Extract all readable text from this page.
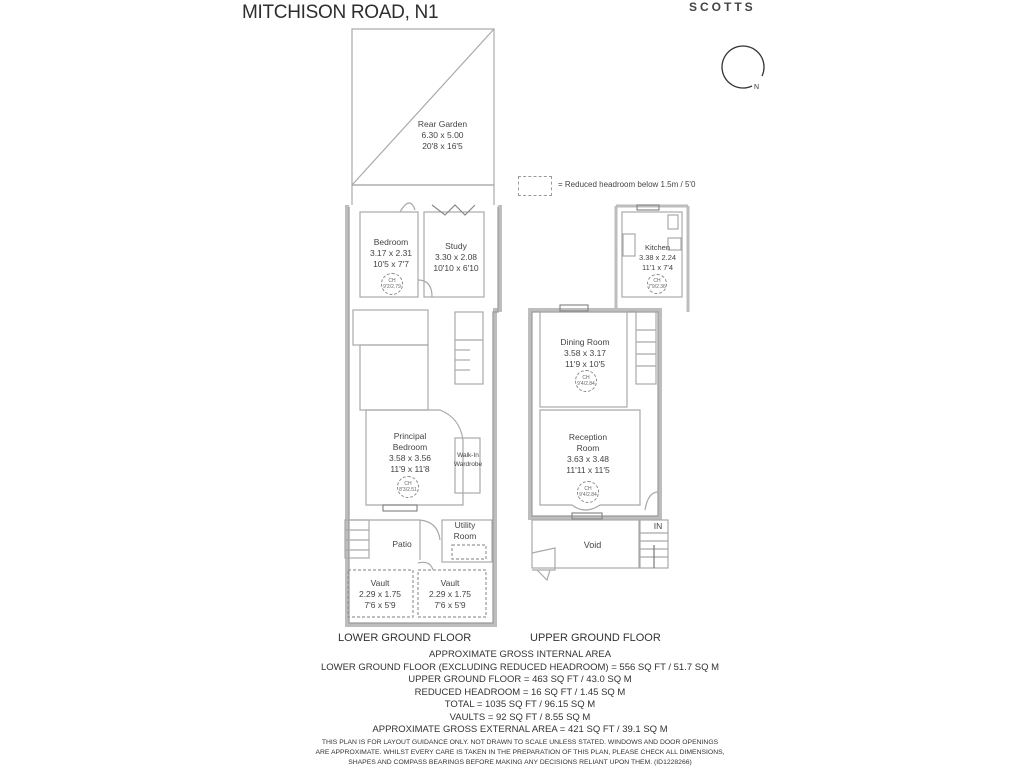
MITCHISON ROAD, N1	SCOTTS
N
= Reduced headroom below 1.5m / 5'0
Rear Garden
6.30 x 5.00
20'8 x 16'5
Bedroom
3.17 x 2.31
10'5 x 7'7
CH
9'2/2.79
Study
3.30 x 2.08
10'10 x 6'10
Principal
Bedroom
3.58 x 3.56
11'9 x 11'8
CH
8'3/2.51
Walk-In
Wardrobe
Utility
Room
Patio
Vault
2.29 x 1.75
7'6 x 5'9
Vault
2.29 x 1.75
7'6 x 5'9
Kitchen
3.38 x 2.24
11'1 x 7'4
CH
7'9/2.36
Dining Room
3.58 x 3.17
11'9 x 10'5
CH
9'4/2.84
Reception
Room
3.63 x 3.48
11'11 x 11'5
CH
9'4/2.84
Void
IN
LOWER GROUND FLOOR	UPPER GROUND FLOOR
APPROXIMATE GROSS INTERNAL AREA
LOWER GROUND FLOOR (EXCLUDING REDUCED HEADROOM) = 556 SQ FT / 51.7 SQ M
UPPER GROUND FLOOR = 463 SQ FT / 43.0 SQ M
REDUCED HEADROOM = 16 SQ FT / 1.45 SQ M
TOTAL = 1035 SQ FT / 96.15 SQ M
VAULTS = 92 SQ FT / 8.55 SQ M
APPROXIMATE GROSS EXTERNAL AREA = 421 SQ FT / 39.1 SQ M
THIS PLAN IS FOR LAYOUT GUIDANCE ONLY. NOT DRAWN TO SCALE UNLESS STATED. WINDOWS AND DOOR OPENINGS
ARE APPROXIMATE. WHILST EVERY CARE IS TAKEN IN THE PREPARATION OF THIS PLAN, PLEASE CHECK ALL DIMENSIONS,
SHAPES AND COMPASS BEARINGS BEFORE MAKING ANY DECISIONS RELIANT UPON THEM. (ID1228266)
